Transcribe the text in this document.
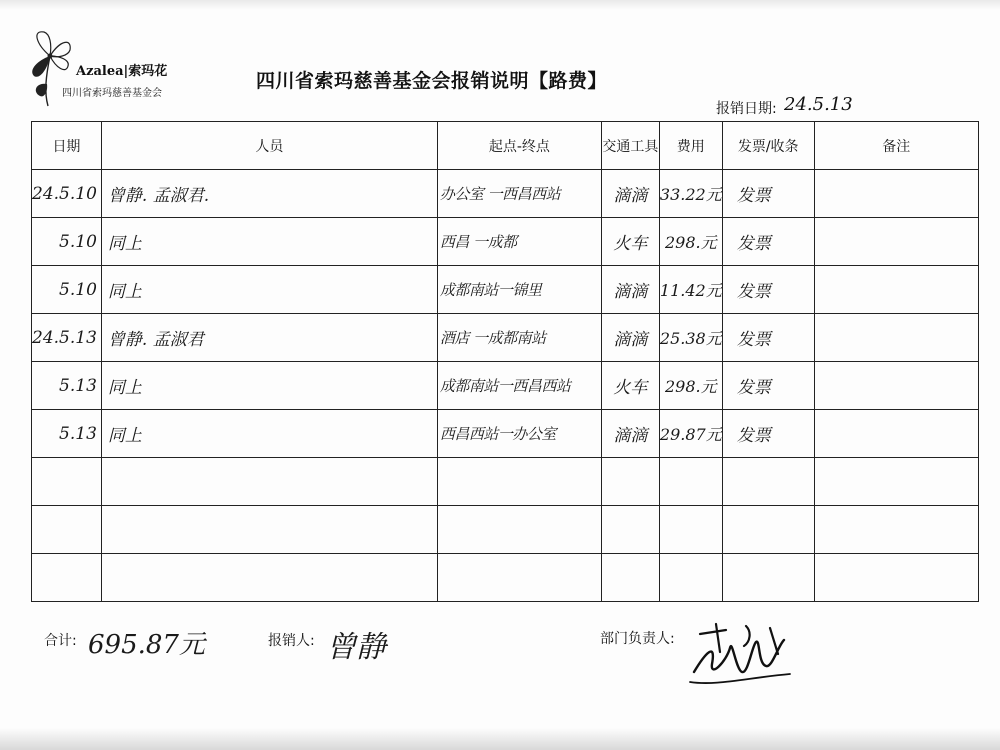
Azalea|索玛花
四川省索玛慈善基金会
四川省索玛慈善基金会报销说明【路费】
报销日期: 24.5.13
日期	人员	起点-终点	交通工具	费用	发票/收条	备注
24.5.10	曾静. 孟淑君.	办公室 一西昌西站	滴滴	33.22元	发票	
5.10	同上	西昌 一成都	火车	298.元	发票	
5.10	同上	成都南站一锦里	滴滴	11.42元	发票	
24.5.13	曾静. 孟淑君	酒店 一成都南站	滴滴	25.38元	发票	
5.13	同上	成都南站一西昌西站	火车	298.元	发票	
5.13	同上	西昌西站一办公室	滴滴	29.87元	发票	

合计: 695.87元	报销人: 曾静	部门负责人:
